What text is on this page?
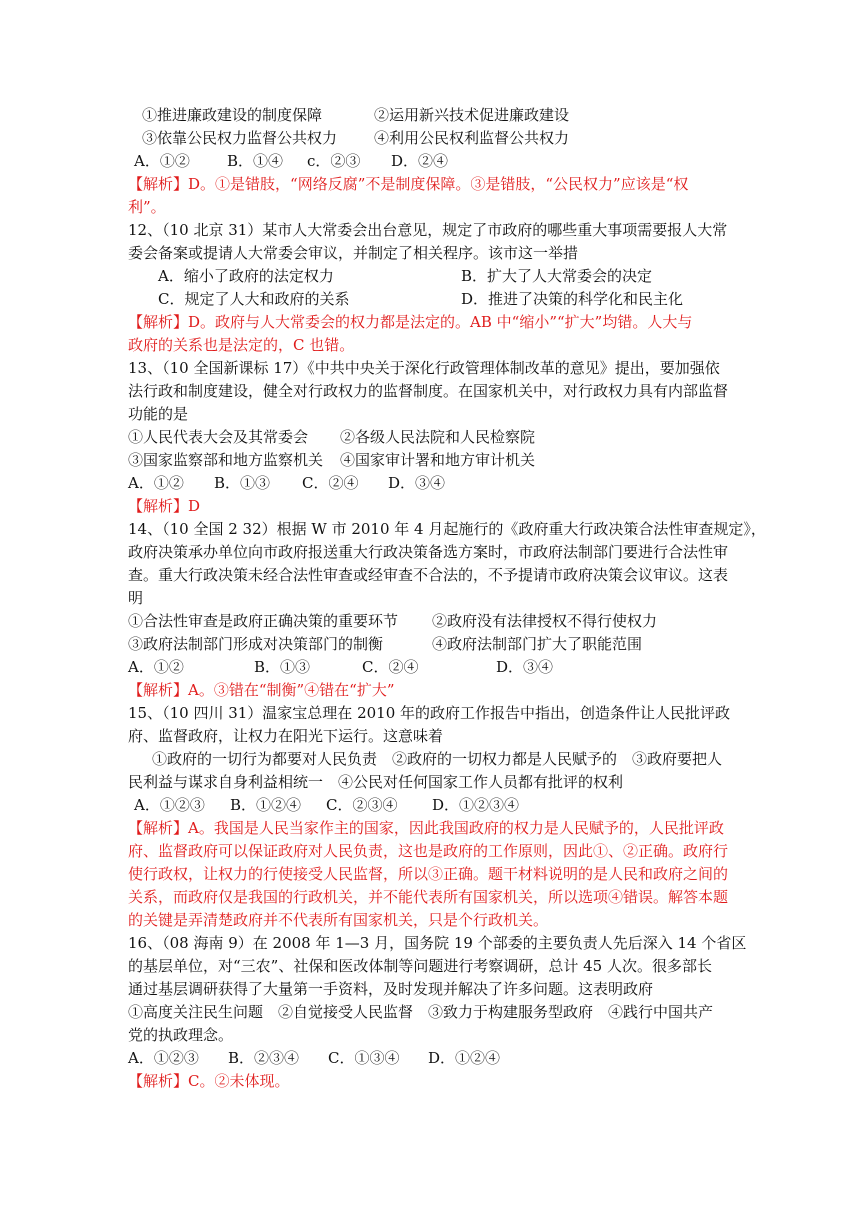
①推进廉政建设的制度保障	②运用新兴技术促进廉政建设
③依靠公民权力监督公共权力 ④利用公民权利监督公共权力
A．①② B．①④ c．②③ D．②④
【解析】D。①是错肢，“网络反腐”不是制度保障。③是错肢，“公民权力”应该是“权
利”。
12、（10 北京 31）某市人大常委会出台意见，规定了市政府的哪些重大事项需要报人大常
委会备案或提请人大常委会审议，并制定了相关程序。该市这一举措
A．缩小了政府的法定权力	B．扩大了人大常委会的决定
C．规定了人大和政府的关系	D．推进了决策的科学化和民主化
【解析】D。政府与人大常委会的权力都是法定的。AB 中“缩小”“扩大”均错。人大与
政府的关系也是法定的，C 也错。
13、（10 全国新课标 17）《中共中央关于深化行政管理体制改革的意见》提出，要加强依
法行政和制度建设，健全对行政权力的监督制度。在国家机关中，对行政权力具有内部监督
功能的是
①人民代表大会及其常委会 ②各级人民法院和人民检察院
③国家监察部和地方监察机关 ④国家审计署和地方审计机关
A．①② B．①③ C．②④ D．③④
【解析】D
14、（10 全国 2 32）根据 W 市 2010 年 4 月起施行的《政府重大行政决策合法性审查规定》，
政府决策承办单位向市政府报送重大行政决策备选方案时，市政府法制部门要进行合法性审
查。重大行政决策未经合法性审查或经审查不合法的，不予提请市政府决策会议审议。这表
明
①合法性审查是政府正确决策的重要环节 ②政府没有法律授权不得行使权力
③政府法制部门形成对决策部门的制衡	④政府法制部门扩大了职能范围
A．①②	B．①③	C．②④	D．③④
【解析】A。③错在“制衡”④错在“扩大”
15、（10 四川 31）温家宝总理在 2010 年的政府工作报告中指出，创造条件让人民批评政
府、监督政府，让权力在阳光下运行。这意味着
①政府的一切行为都要对人民负责　②政府的一切权力都是人民赋予的　③政府要把人
民利益与谋求自身利益相统一　④公民对任何国家工作人员都有批评的权利
A．①②③ B．①②④ C．②③④ D．①②③④
【解析】A。我国是人民当家作主的国家，因此我国政府的权力是人民赋予的，人民批评政
府、监督政府可以保证政府对人民负责，这也是政府的工作原则，因此①、②正确。政府行
使行政权，让权力的行使接受人民监督，所以③正确。题干材料说明的是人民和政府之间的
关系，而政府仅是我国的行政机关，并不能代表所有国家机关，所以选项④错误。解答本题
的关键是弄清楚政府并不代表所有国家机关，只是个行政机关。
16、（08 海南 9）在 2008 年 1—3 月，国务院 19 个部委的主要负责人先后深入 14 个省区
的基层单位，对“三农”、社保和医改体制等问题进行考察调研，总计 45 人次。很多部长
通过基层调研获得了大量第一手资料，及时发现并解决了许多问题。这表明政府
①高度关注民生问题　②自觉接受人民监督　③致力于构建服务型政府　④践行中国共产
党的执政理念。
A．①②③ B．②③④ C．①③④ D．①②④
【解析】C。②未体现。
